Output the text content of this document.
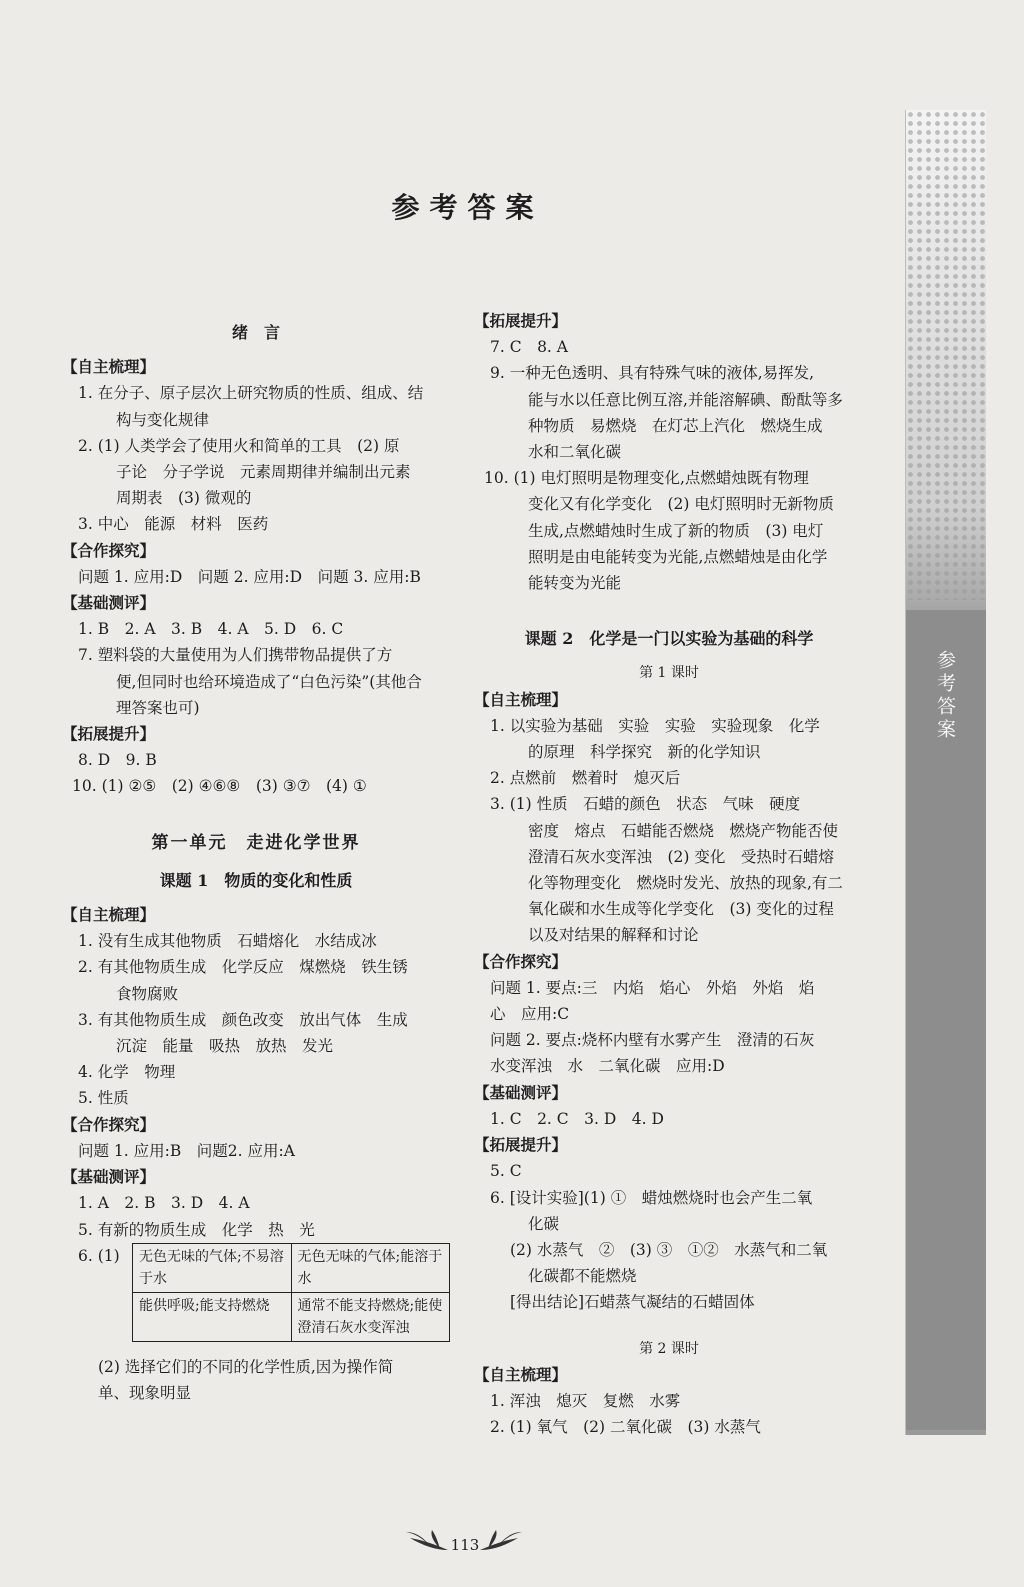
参考答案

绪　言

【自主梳理】

1. 在分子、原子层次上研究物质的性质、组成、结

构与变化规律

2. (1) 人类学会了使用火和简单的工具　(2) 原

子论　分子学说　元素周期律并编制出元素

周期表　(3) 微观的

3. 中心　能源　材料　医药

【合作探究】

问题 1. 应用:D　问题 2. 应用:D　问题 3. 应用:B

【基础测评】

1. B　2. A　3. B　4. A　5. D　6. C

7. 塑料袋的大量使用为人们携带物品提供了方

便,但同时也给环境造成了“白色污染”(其他合

理答案也可)

【拓展提升】

8. D　9. B

10. (1) ②⑤　(2) ④⑥⑧　(3) ③⑦　(4) ①

第一单元　走进化学世界

课题 1　物质的变化和性质

【自主梳理】

1. 没有生成其他物质　石蜡熔化　水结成冰

2. 有其他物质生成　化学反应　煤燃烧　铁生锈

食物腐败

3. 有其他物质生成　颜色改变　放出气体　生成

沉淀　能量　吸热　放热　发光

4. 化学　物理

5. 性质

【合作探究】

问题 1. 应用:B　问题2. 应用:A

【基础测评】

1. A　2. B　3. D　4. A

5. 有新的物质生成　化学　热　光

6. (1)	无色无味的气体;不易溶于水	无色无味的气体;能溶于水
能供呼吸;能支持燃烧	通常不能支持燃烧;能使澄清石灰水变浑浊

(2) 选择它们的不同的化学性质,因为操作简

单、现象明显

【拓展提升】

7. C　8. A

9. 一种无色透明、具有特殊气味的液体,易挥发,

能与水以任意比例互溶,并能溶解碘、酚酞等多

种物质　易燃烧　在灯芯上汽化　燃烧生成

水和二氧化碳

10. (1) 电灯照明是物理变化,点燃蜡烛既有物理

变化又有化学变化　(2) 电灯照明时无新物质

生成,点燃蜡烛时生成了新的物质　(3) 电灯

照明是由电能转变为光能,点燃蜡烛是由化学

能转变为光能

课题 2　化学是一门以实验为基础的科学

第 1 课时

【自主梳理】

1. 以实验为基础　实验　实验　实验现象　化学

的原理　科学探究　新的化学知识

2. 点燃前　燃着时　熄灭后

3. (1) 性质　石蜡的颜色　状态　气味　硬度

密度　熔点　石蜡能否燃烧　燃烧产物能否使

澄清石灰水变浑浊　(2) 变化　受热时石蜡熔

化等物理变化　燃烧时发光、放热的现象,有二

氧化碳和水生成等化学变化　(3) 变化的过程

以及对结果的解释和讨论

【合作探究】

问题 1. 要点:三　内焰　焰心　外焰　外焰　焰

心　应用:C

问题 2. 要点:烧杯内壁有水雾产生　澄清的石灰

水变浑浊　水　二氧化碳　应用:D

【基础测评】

1. C　2. C　3. D　4. D

【拓展提升】

5. C

6. [设计实验](1) ①　蜡烛燃烧时也会产生二氧

化碳

(2) 水蒸气　②　(3) ③　①②　水蒸气和二氧

化碳都不能燃烧

[得出结论]石蜡蒸气凝结的石蜡固体

第 2 课时

【自主梳理】

1. 浑浊　熄灭　复燃　水雾

2. (1) 氧气　(2) 二氧化碳　(3) 水蒸气

参考答案
113
